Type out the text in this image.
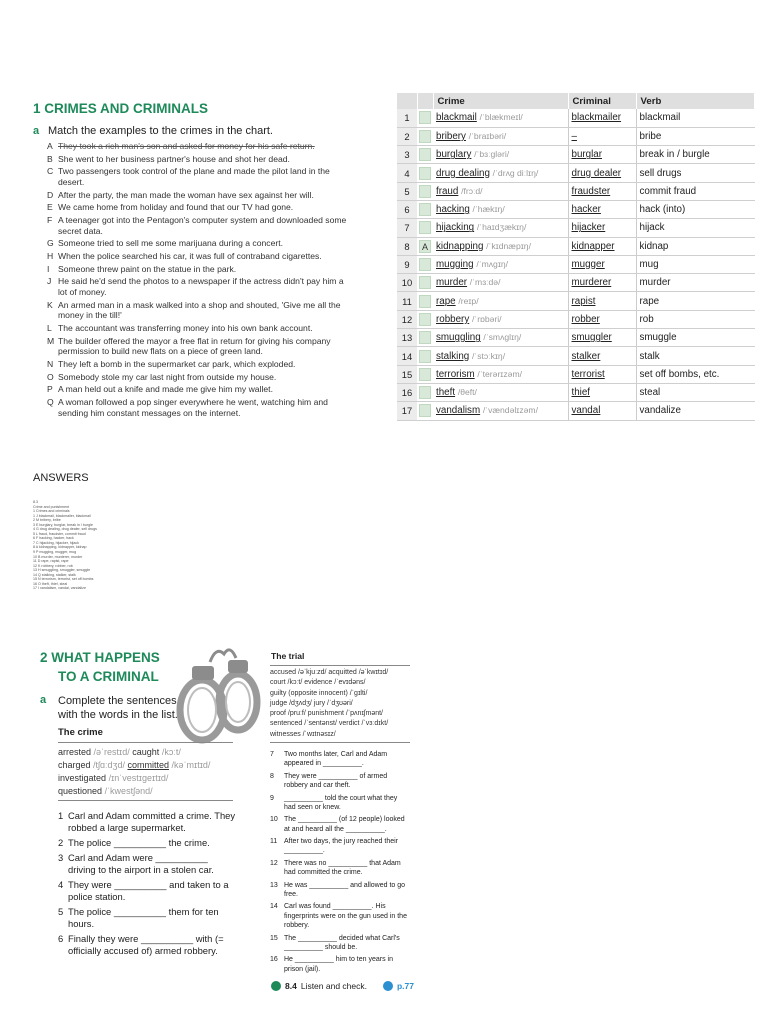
1 CRIMES AND CRIMINALS
a Match the examples to the crimes in the chart.
A They took a rich man's son and asked for money for his safe return.
B She went to her business partner's house and shot her dead.
C Two passengers took control of the plane and made the pilot land in the desert.
D After the party, the man made the woman have sex against her will.
E We came home from holiday and found that our TV had gone.
F A teenager got into the Pentagon's computer system and downloaded some secret data.
G Someone tried to sell me some marijuana during a concert.
H When the police searched his car, it was full of contraband cigarettes.
I	Someone threw paint on the statue in the park.
J He said he'd send the photos to a newspaper if the actress didn't pay him a lot of money.
K An armed man in a mask walked into a shop and shouted, 'Give me all the money in the till!'
L The accountant was transferring money into his own bank account.
M The builder offered the mayor a free flat in return for giving his company permission to build new flats on a piece of green land.
N They left a bomb in the supermarket car park, which exploded.
O Somebody stole my car last night from outside my house.
P A man held out a knife and made me give him my wallet.
Q A woman followed a pop singer everywhere he went, watching him and sending him constant messages on the internet.
		Crime	Criminal	Verb
1		blackmail /ˈblækmeɪl/	blackmailer	blackmail
2		bribery /ˈbraɪbəri/	–	bribe
3		burglary /ˈbɜːgləri/	burglar	break in / burgle
4		drug dealing /ˈdrʌg diːlɪŋ/	drug dealer	sell drugs
5		fraud /frɔːd/	fraudster	commit fraud
6		hacking /ˈhækɪŋ/	hacker	hack (into)
7		hijacking /ˈhaɪdʒækɪŋ/	hijacker	hijack
8	A	kidnapping /ˈkɪdnæpɪŋ/	kidnapper	kidnap
9		mugging /ˈmʌgɪŋ/	mugger	mug
10		murder /ˈmɜːdə/	murderer	murder
11		rape /reɪp/	rapist	rape
12		robbery /ˈrɒbəri/	robber	rob
13		smuggling /ˈsmʌglɪŋ/	smuggler	smuggle
14		stalking /ˈstɔːkɪŋ/	stalker	stalk
15		terrorism /ˈterərɪzəm/	terrorist	set off bombs, etc.
16		theft /θeft/	thief	steal
17		vandalism /ˈvændəlɪzəm/	vandal	vandalize
ANSWERS
8.3
Crime and punishment
1 Crimes and criminals
1 J blackmail, blackmailer, blackmail
2 M bribery, bribe
3 E burglary, burglar, break in / burgle
4 G drug dealing, drug dealer, sell drugs
5 L fraud, fraudster, commit fraud
6 F hacking, hacker, hack
7 C hijacking, hijacker, hijack
8 A kidnapping, kidnapper, kidnap
9 P mugging, mugger, mug
10 B murder, murderer, murder
11 D rape, rapist, rape
12 K robbery, robber, rob
13 H smuggling, smuggler, smuggle
14 Q stalking, stalker, stalk
15 N terrorism, terrorist, set off bombs
16 O theft, thief, steal
17 I vandalism, vandal, vandalize
2 WHAT HAPPENS
TO A CRIMINAL
a Complete the sentences with the words in the list.
The crime
arrested /əˈrestɪd/ caught /kɔːt/
charged /tʃɑːdʒd/ committed /kəˈmɪtɪd/
investigated /ɪnˈvestɪgeɪtɪd/
questioned /ˈkwestʃənd/
1 Carl and Adam committed a crime. They robbed a large supermarket.
2 The police __________ the crime.
3 Carl and Adam were __________ driving to the airport in a stolen car.
4 They were __________ and taken to a police station.
5 The police __________ them for ten hours.
6 Finally they were __________ with (= officially accused of) armed robbery.
The trial
accused /əˈkjuːzd/ acquitted /əˈkwɪtɪd/
court /kɔːt/ evidence /ˈevɪdəns/
guilty (opposite innocent) /ˈgɪlti/
judge /dʒʌdʒ/ jury /ˈdʒʊəri/
proof /pruːf/ punishment /ˈpʌnɪʃmənt/
sentenced /ˈsentənst/ verdict /ˈvɜːdɪkt/
witnesses /ˈwɪtnəsɪz/
7	Two months later, Carl and Adam appeared in __________.
8	They were __________ of armed robbery and car theft.
9	__________ told the court what they had seen or knew.
10 The __________ (of 12 people) looked at and heard all the __________.
11 After two days, the jury reached their __________.
12 There was no __________ that Adam had committed the crime.
13 He was __________ and allowed to go free.
14 Carl was found __________. His fingerprints were on the gun used in the robbery.
15 The __________ decided what Carl's __________ should be.
16 He __________ him to ten years in prison (jail).
8.4 Listen and check.	p.77
